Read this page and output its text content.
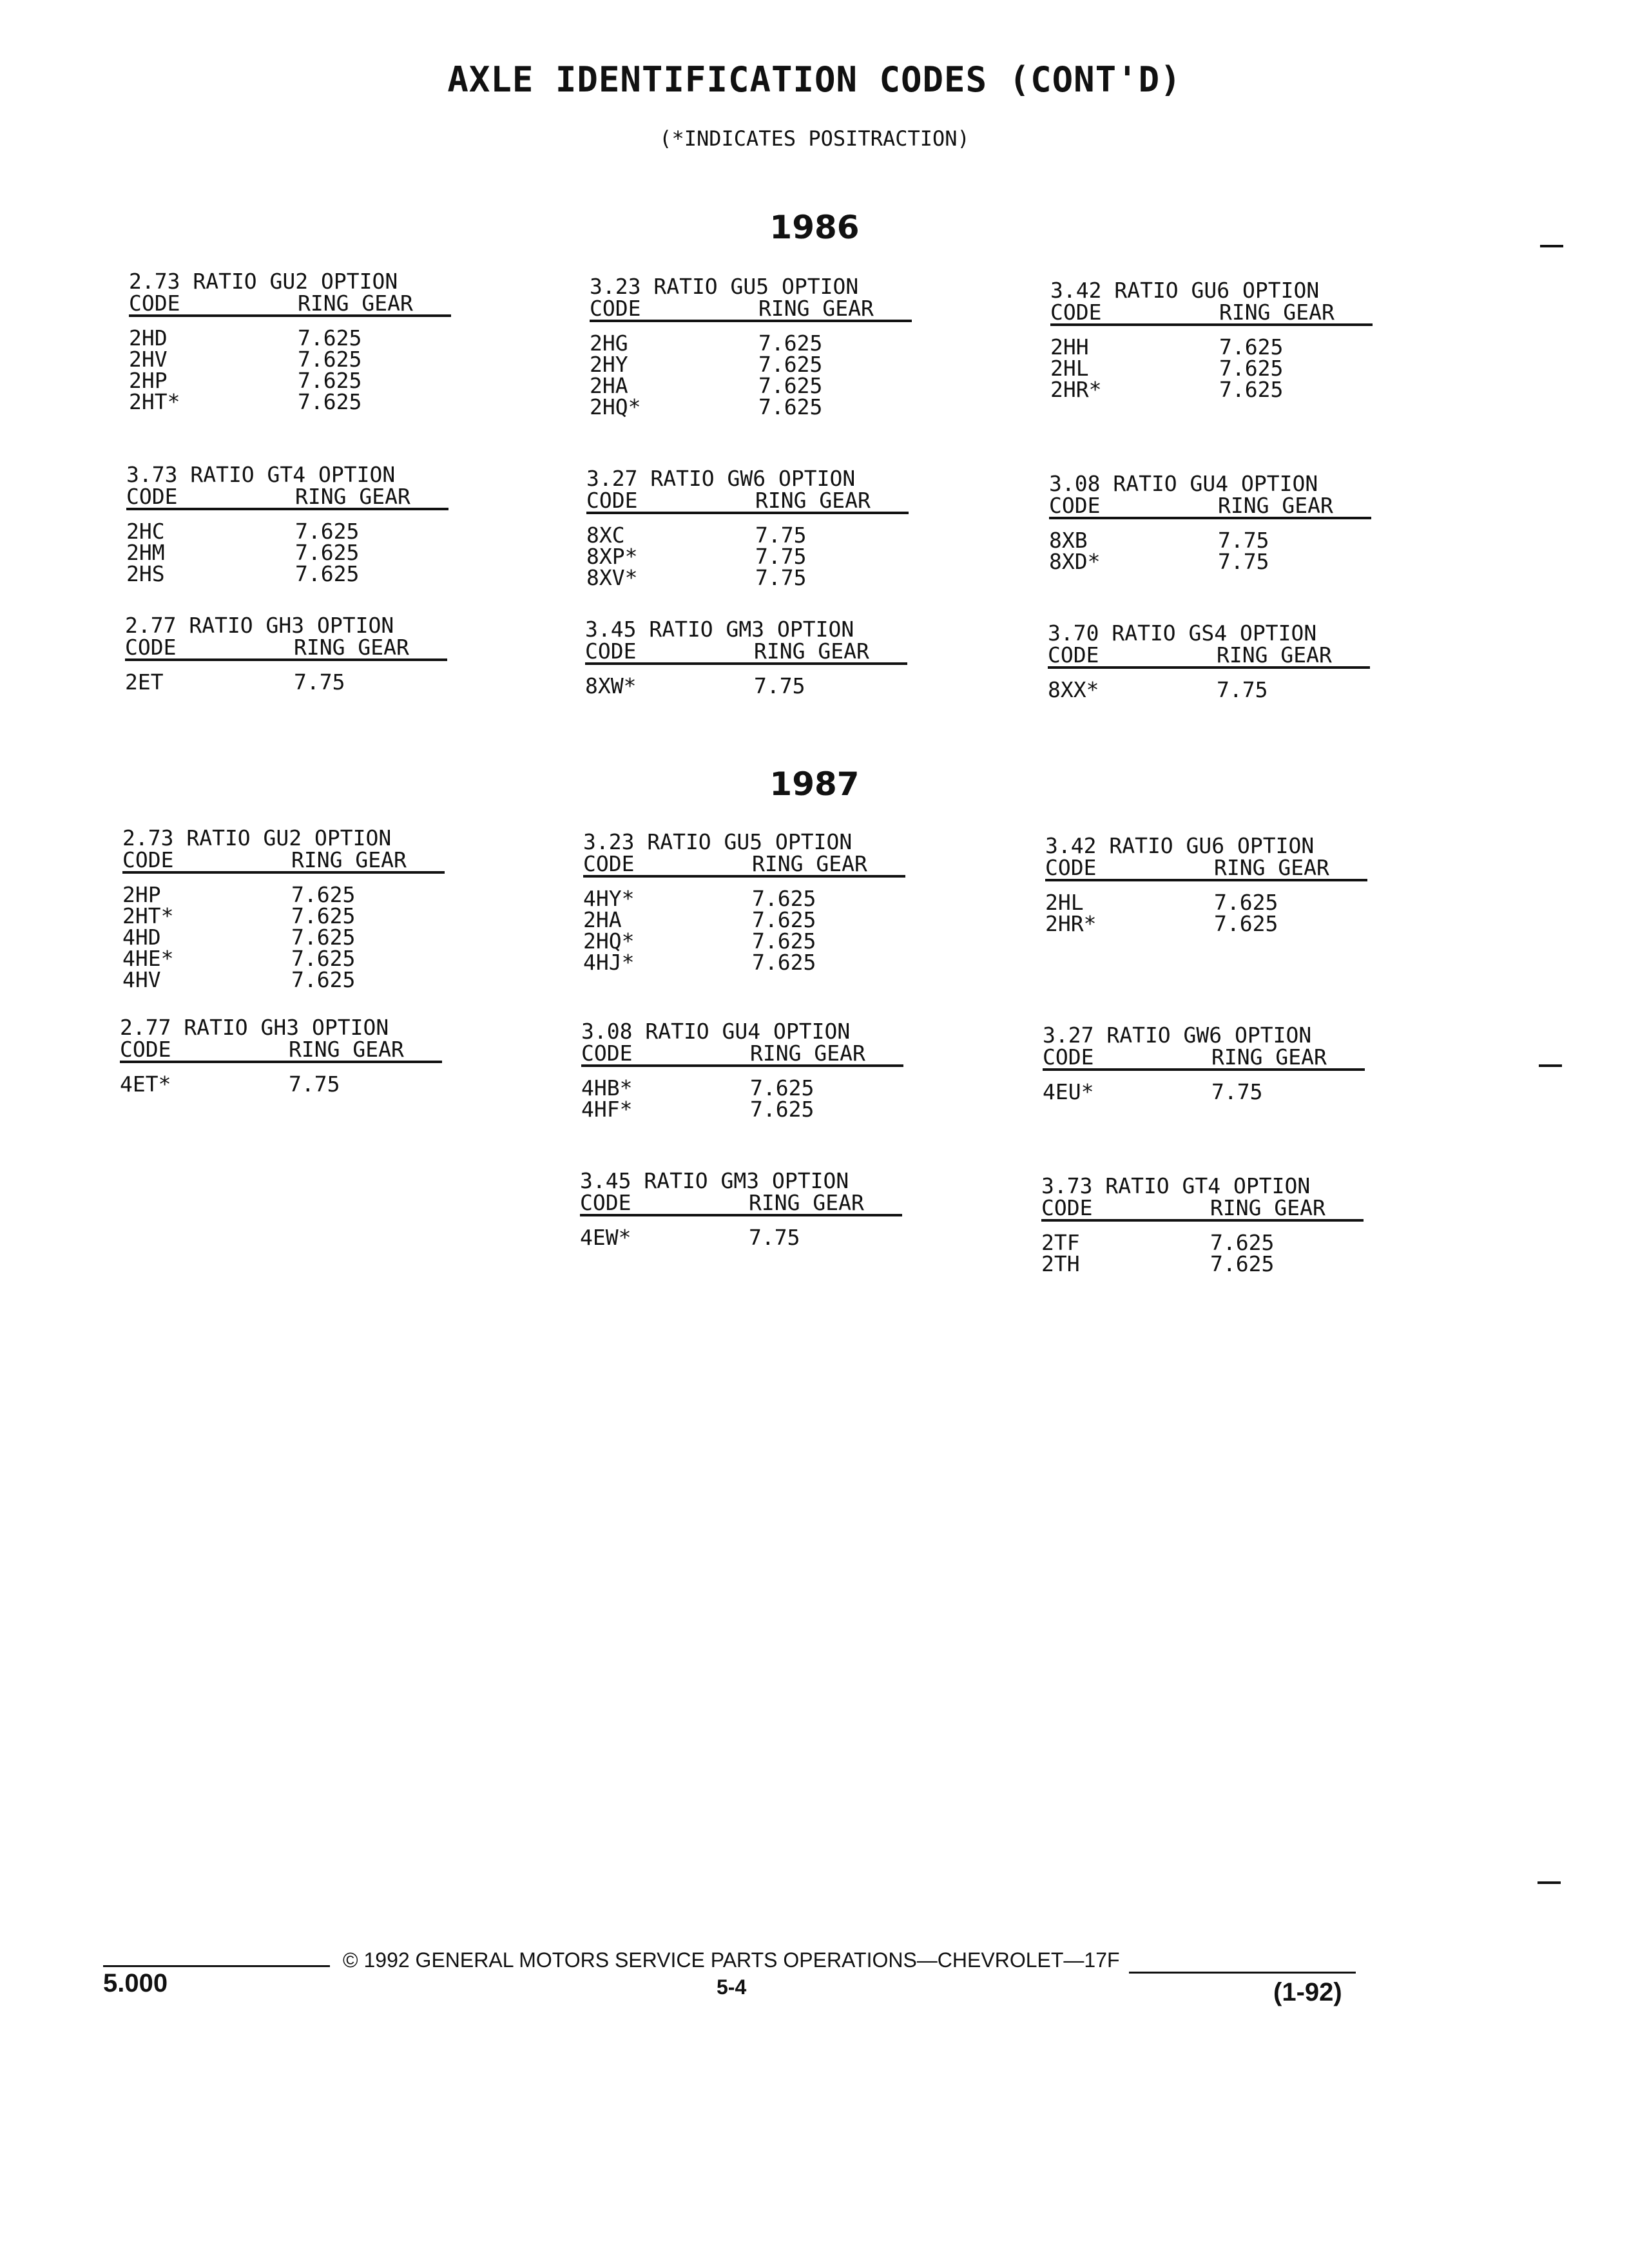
AXLE IDENTIFICATION CODES (CONT'D)
(*INDICATES POSITRACTION)
1986
2.73 RATIO GU2 OPTION
CODE	RING GEAR
2HD	7.625
2HV	7.625
2HP	7.625
2HT*	7.625
3.23 RATIO GU5 OPTION
CODE	RING GEAR
2HG	7.625
2HY	7.625
2HA	7.625
2HQ*	7.625
3.42 RATIO GU6 OPTION
CODE	RING GEAR
2HH	7.625
2HL	7.625
2HR*	7.625
3.73 RATIO GT4 OPTION
CODE	RING GEAR
2HC	7.625
2HM	7.625
2HS	7.625
3.27 RATIO GW6 OPTION
CODE	RING GEAR
8XC	7.75
8XP*	7.75
8XV*	7.75
3.08 RATIO GU4 OPTION
CODE	RING GEAR
8XB	7.75
8XD*	7.75
2.77 RATIO GH3 OPTION
CODE	RING GEAR
2ET	7.75
3.45 RATIO GM3 OPTION
CODE	RING GEAR
8XW*	7.75
3.70 RATIO GS4 OPTION
CODE	RING GEAR
8XX*	7.75
1987
2.73 RATIO GU2 OPTION
CODE	RING GEAR
2HP	7.625
2HT*	7.625
4HD	7.625
4HE*	7.625
4HV	7.625
3.23 RATIO GU5 OPTION
CODE	RING GEAR
4HY*	7.625
2HA	7.625
2HQ*	7.625
4HJ*	7.625
3.42 RATIO GU6 OPTION
CODE	RING GEAR
2HL	7.625
2HR*	7.625
2.77 RATIO GH3 OPTION
CODE	RING GEAR
4ET*	7.75
3.08 RATIO GU4 OPTION
CODE	RING GEAR
4HB*	7.625
4HF*	7.625
3.27 RATIO GW6 OPTION
CODE	RING GEAR
4EU*	7.75
3.45 RATIO GM3 OPTION
CODE	RING GEAR
4EW*	7.75
3.73 RATIO GT4 OPTION
CODE	RING GEAR
2TF	7.625
2TH	7.625
© 1992 GENERAL MOTORS SERVICE PARTS OPERATIONS—CHEVROLET—17F
5.000	5-4	(1-92)
